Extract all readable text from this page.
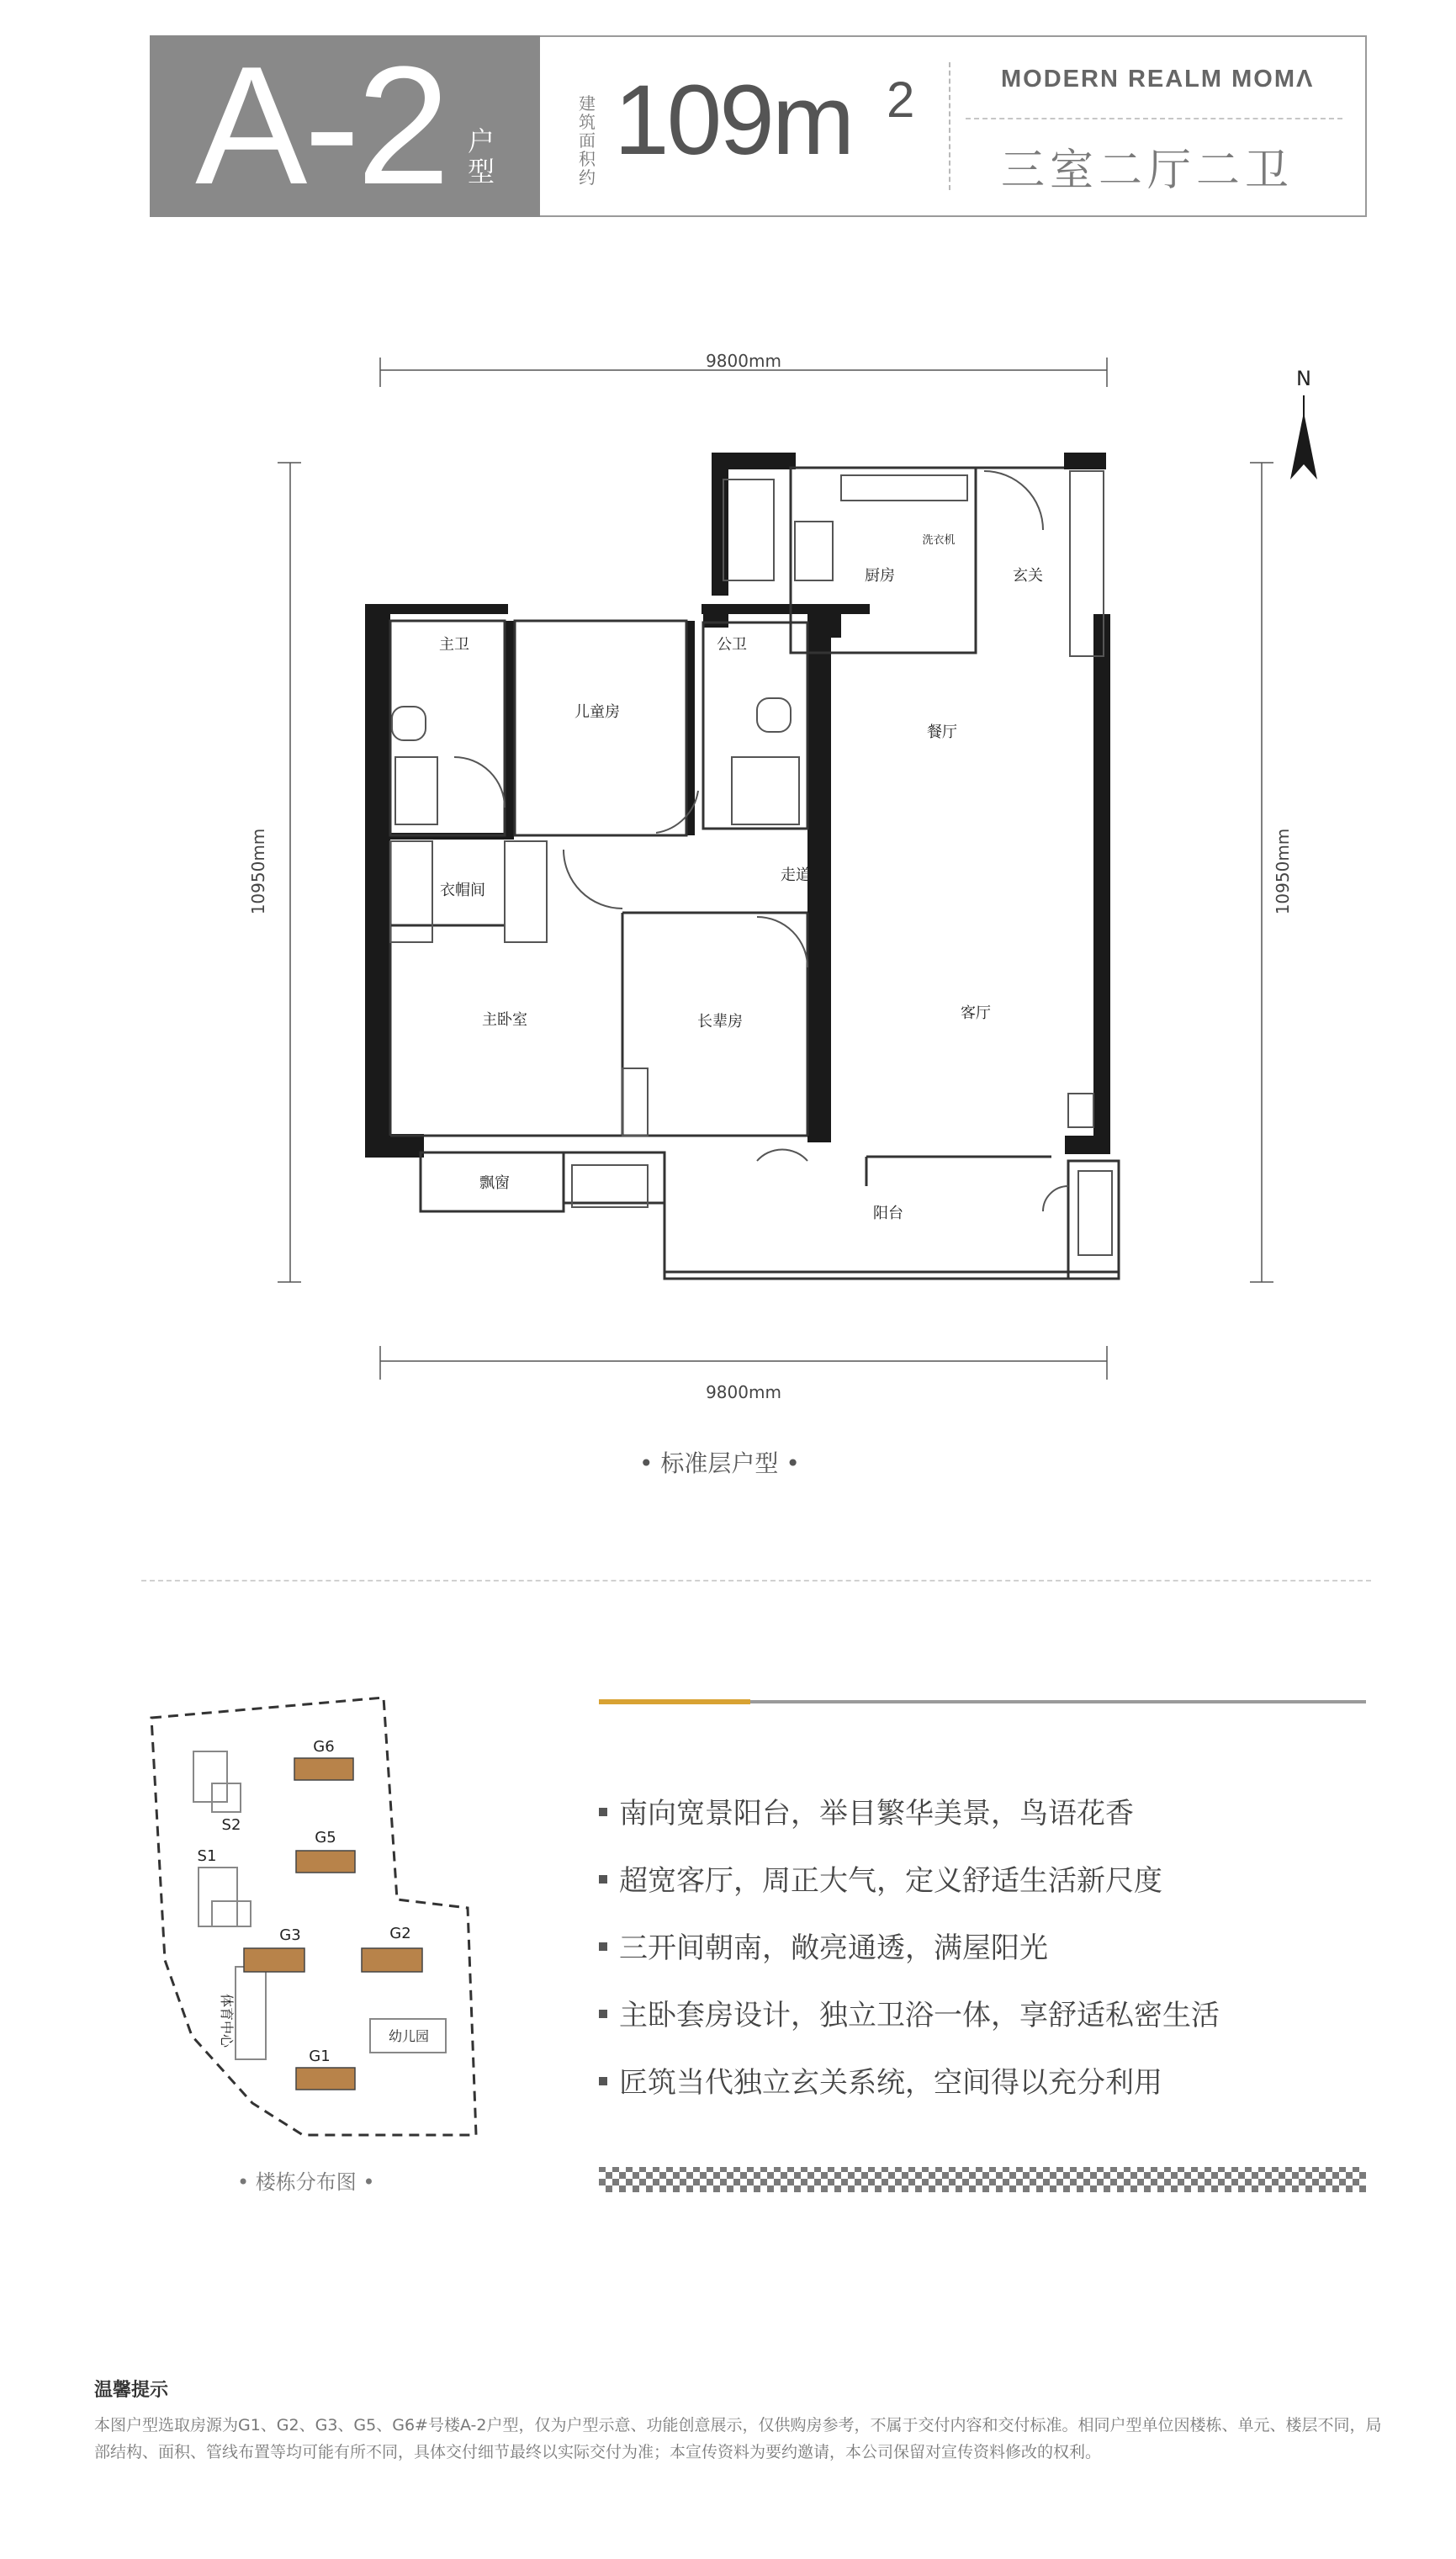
A-2 户型
建筑面积约
109m 2	MODERN REALM MOMΛ
三室二厅二卫
9800mm
9800mm
10950mm	10950mm
N
主卫
儿童房
公卫
厨房
洗衣机
玄关
餐厅
衣帽间
走道
主卧室	长辈房	客厅
飘窗
阳台
• 标准层户型 •
G6
S2
G5
S1
G3	G2
G1
体育中心	幼儿园
• 楼栋分布图 •
南向宽景阳台，举目繁华美景，鸟语花香
超宽客厅，周正大气，定义舒适生活新尺度
三开间朝南，敞亮通透，满屋阳光
主卧套房设计，独立卫浴一体，享舒适私密生活
匠筑当代独立玄关系统，空间得以充分利用
温馨提示
本图户型选取房源为G1、G2、G3、G5、G6#号楼A-2户型，仅为户型示意、功能创意展示，仅供购房参考，不属于交付内容和交付标准。相同户型单位因楼栋、单元、楼层不同，局
部结构、面积、管线布置等均可能有所不同，具体交付细节最终以实际交付为准；本宣传资料为要约邀请，本公司保留对宣传资料修改的权利。
